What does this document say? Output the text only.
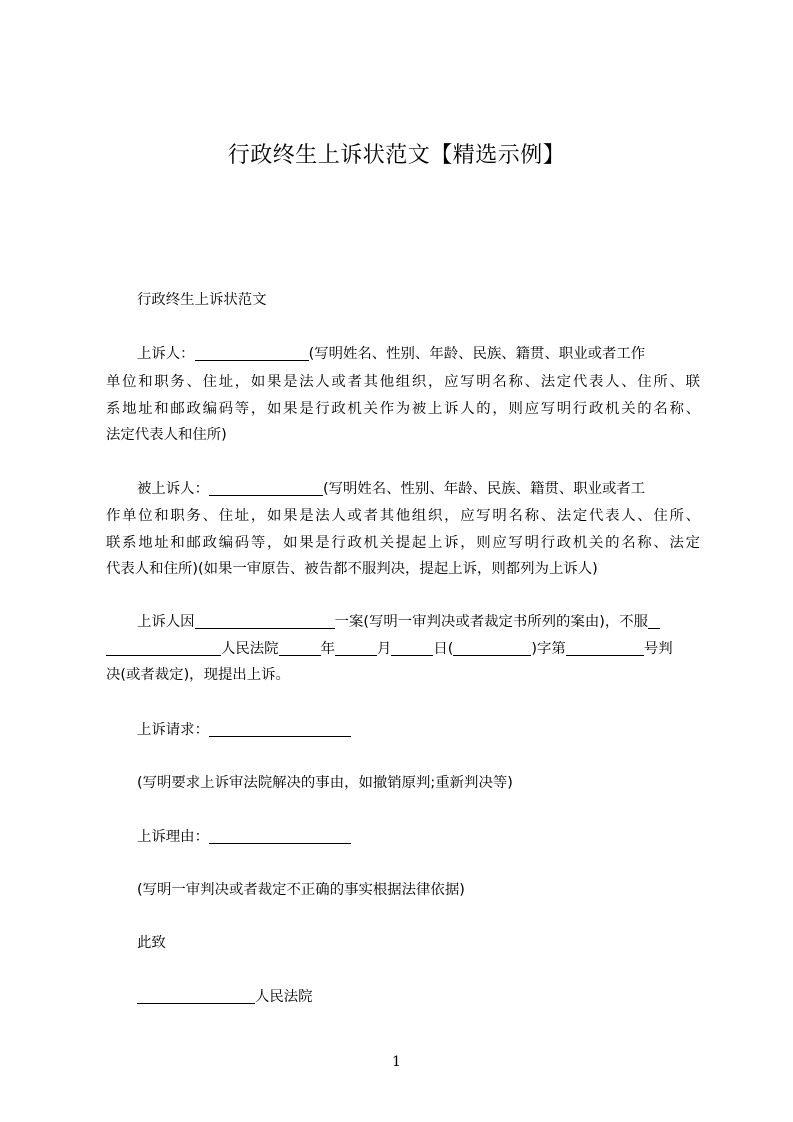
行政终生上诉状范文【精选示例】
行政终生上诉状范文
上诉人：	(写明姓名、性别、年龄、民族、籍贯、职业或者工作
单位和职务、住址，如果是法人或者其他组织，应写明名称、法定代表人、住所、联
系地址和邮政编码等，如果是行政机关作为被上诉人的，则应写明行政机关的名称、
法定代表人和住所)
被上诉人：	(写明姓名、性别、年龄、民族、籍贯、职业或者工
作单位和职务、住址，如果是法人或者其他组织，应写明名称、法定代表人、住所、
联系地址和邮政编码等，如果是行政机关提起上诉，则应写明行政机关的名称、法定
代表人和住所)(如果一审原告、被告都不服判决，提起上诉，则都列为上诉人)
上诉人因	一案(写明一审判决或者裁定书所列的案由)，不服
人民法院	年	月	日(	)字第	号判
决(或者裁定)，现提出上诉。
上诉请求：
(写明要求上诉审法院解决的事由，如撤销原判;重新判决等)
上诉理由：
(写明一审判决或者裁定不正确的事实根据法律依据)
此致
人民法院
1
